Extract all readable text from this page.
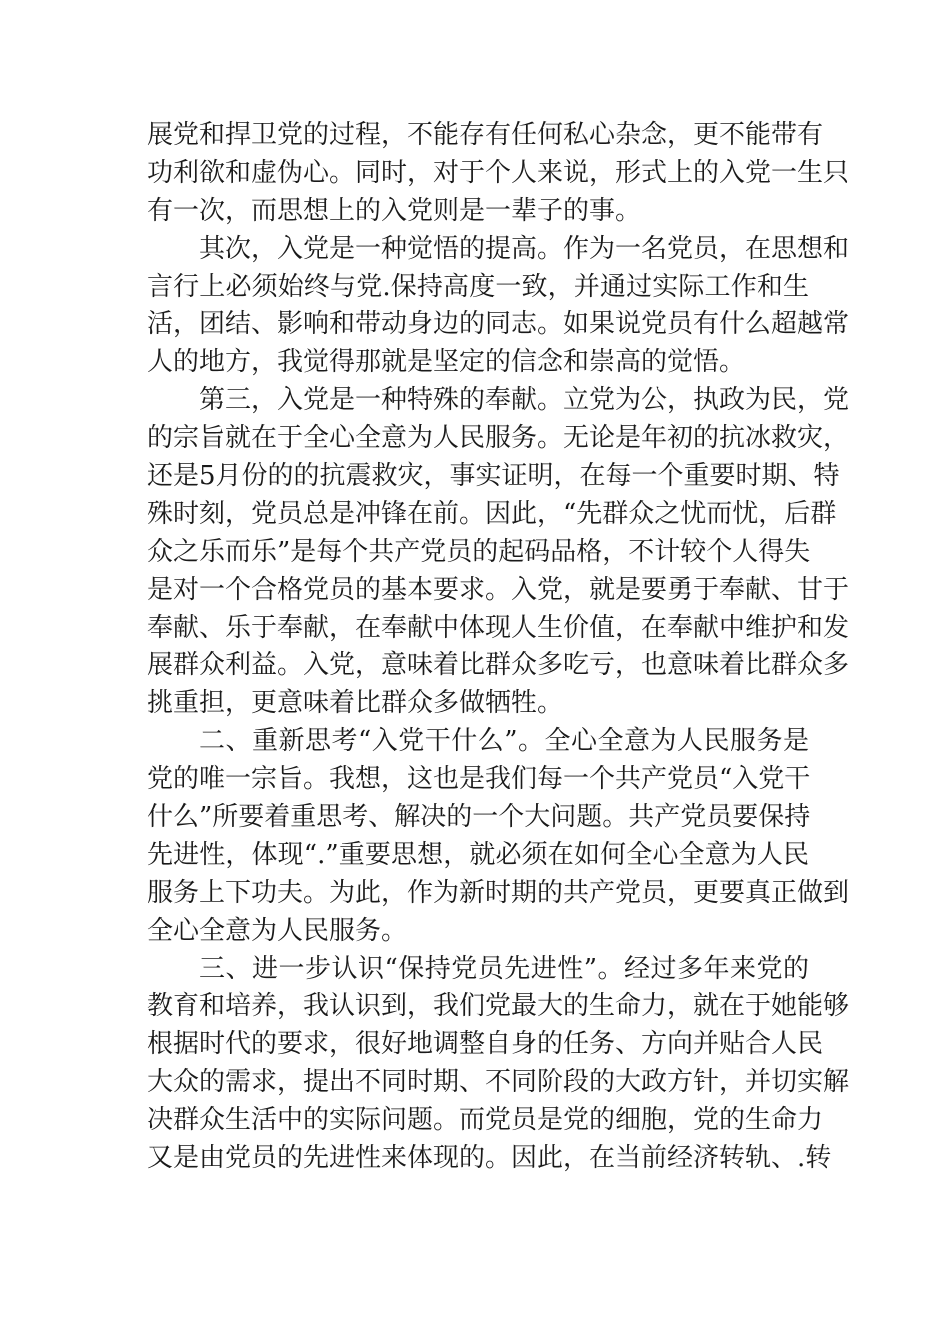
展党和捍卫党的过程，不能存有任何私心杂念，更不能带有
功利欲和虚伪心。同时，对于个人来说，形式上的入党一生只
有一次，而思想上的入党则是一辈子的事。
其次，入党是一种觉悟的提高。作为一名党员，在思想和
言行上必须始终与党.保持高度一致，并通过实际工作和生
活，团结、影响和带动身边的同志。如果说党员有什么超越常
人的地方，我觉得那就是坚定的信念和崇高的觉悟。
第三，入党是一种特殊的奉献。立党为公，执政为民，党
的宗旨就在于全心全意为人民服务。无论是年初的抗冰救灾，
还是5月份的的抗震救灾，事实证明，在每一个重要时期、特
殊时刻，党员总是冲锋在前。因此，“先群众之忧而忧，后群
众之乐而乐”是每个共产党员的起码品格，不计较个人得失
是对一个合格党员的基本要求。入党，就是要勇于奉献、甘于
奉献、乐于奉献，在奉献中体现人生价值，在奉献中维护和发
展群众利益。入党，意味着比群众多吃亏，也意味着比群众多
挑重担，更意味着比群众多做牺牲。
二、重新思考“入党干什么”。全心全意为人民服务是
党的唯一宗旨。我想，这也是我们每一个共产党员“入党干
什么”所要着重思考、解决的一个大问题。共产党员要保持
先进性，体现“.”重要思想，就必须在如何全心全意为人民
服务上下功夫。为此，作为新时期的共产党员，更要真正做到
全心全意为人民服务。
三、进一步认识“保持党员先进性”。经过多年来党的
教育和培养，我认识到，我们党最大的生命力，就在于她能够
根据时代的要求，很好地调整自身的任务、方向并贴合人民
大众的需求，提出不同时期、不同阶段的大政方针，并切实解
决群众生活中的实际问题。而党员是党的细胞，党的生命力
又是由党员的先进性来体现的。因此，在当前经济转轨、.转
